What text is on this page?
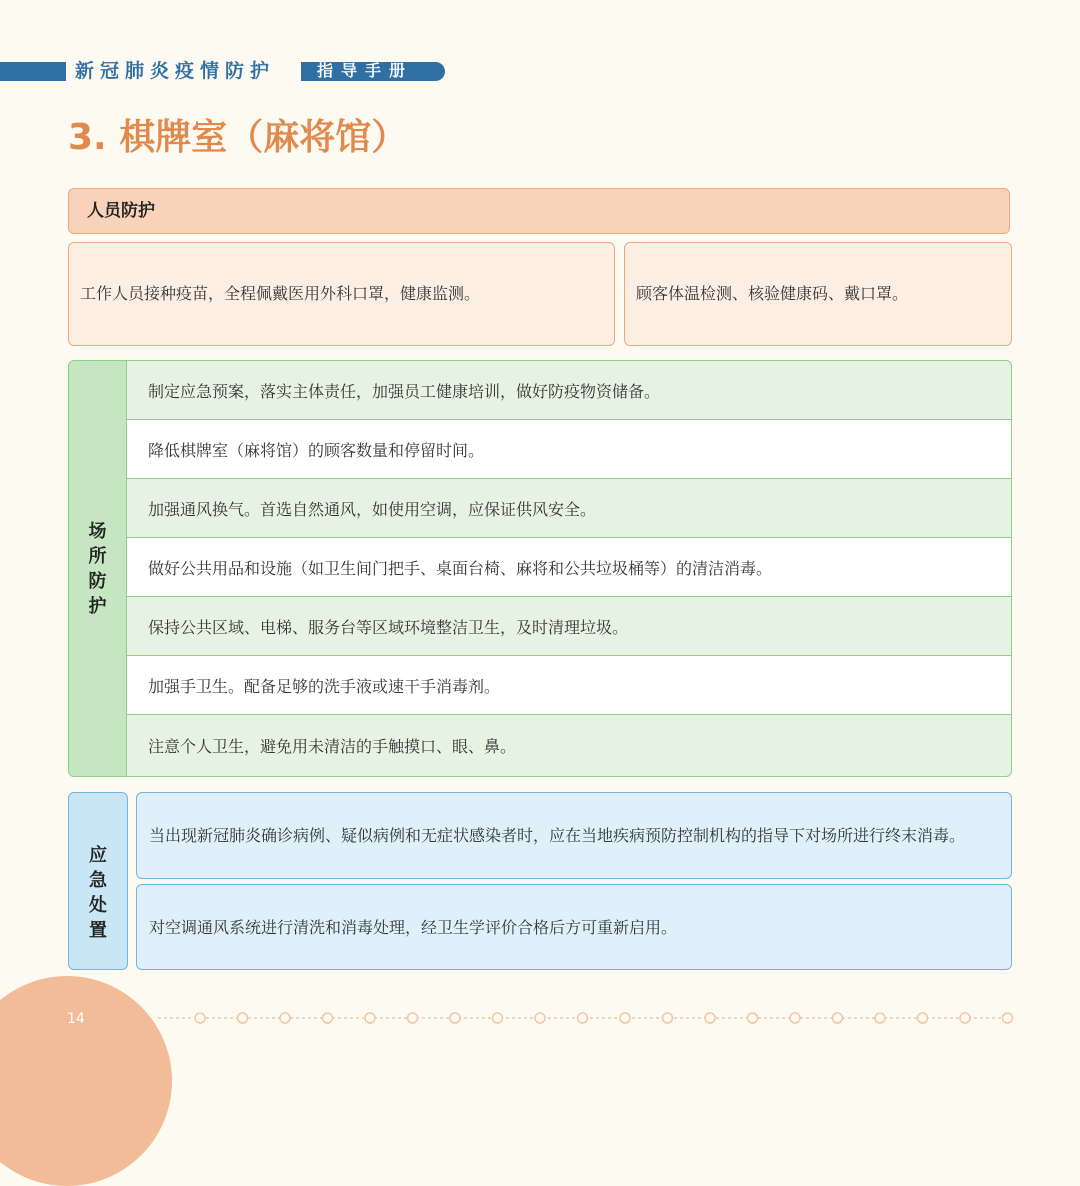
新冠肺炎疫情防护	指导手册
3. 棋牌室（麻将馆）
人员防护
工作人员接种疫苗，全程佩戴医用外科口罩，健康监测。	顾客体温检测、核验健康码、戴口罩。
场
所
防
护
制定应急预案，落实主体责任，加强员工健康培训，做好防疫物资储备。
降低棋牌室（麻将馆）的顾客数量和停留时间。
加强通风换气。首选自然通风，如使用空调，应保证供风安全。
做好公共用品和设施（如卫生间门把手、桌面台椅、麻将和公共垃圾桶等）的清洁消毒。
保持公共区域、电梯、服务台等区域环境整洁卫生，及时清理垃圾。
加强手卫生。配备足够的洗手液或速干手消毒剂。
注意个人卫生，避免用未清洁的手触摸口、眼、鼻。
应
急
处
置
当出现新冠肺炎确诊病例、疑似病例和无症状感染者时，应在当地疾病预防控制机构的指导下对场所进行终末消毒。
对空调通风系统进行清洗和消毒处理，经卫生学评价合格后方可重新启用。
14
